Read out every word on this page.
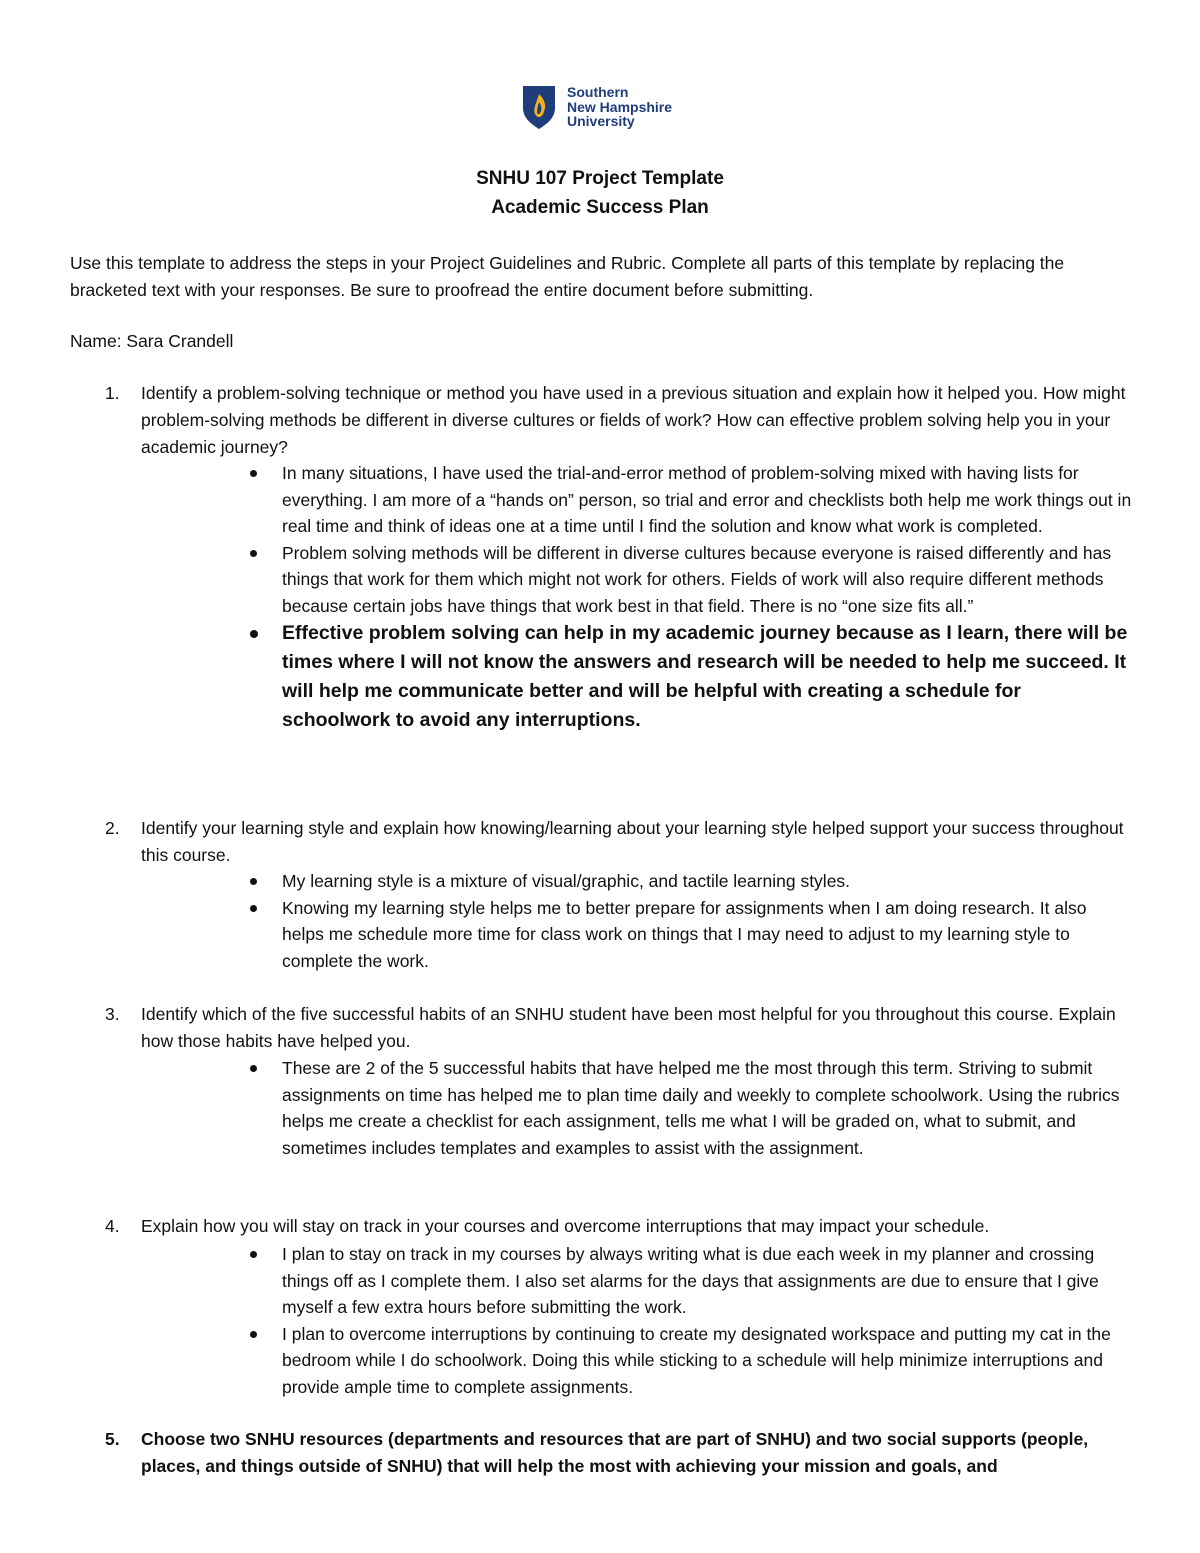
Southern
New Hampshire
University
SNHU 107 Project Template
Academic Success Plan
Use this template to address the steps in your Project Guidelines and Rubric. Complete all parts of this template by replacing the bracketed text with your responses. Be sure to proofread the entire document before submitting.
Name: Sara Crandell
1. Identify a problem-solving technique or method you have used in a previous situation and explain how it helped you. How might problem-solving methods be different in diverse cultures or fields of work? How can effective problem solving help you in your academic journey?
In many situations, I have used the trial-and-error method of problem-solving mixed with having lists for everything. I am more of a “hands on” person, so trial and error and checklists both help me work things out in real time and think of ideas one at a time until I find the solution and know what work is completed.
Problem solving methods will be different in diverse cultures because everyone is raised differently and has things that work for them which might not work for others. Fields of work will also require different methods because certain jobs have things that work best in that field. There is no “one size fits all.”
Effective problem solving can help in my academic journey because as I learn, there will be times where I will not know the answers and research will be needed to help me succeed. It will help me communicate better and will be helpful with creating a schedule for schoolwork to avoid any interruptions.
2. Identify your learning style and explain how knowing/learning about your learning style helped support your success throughout this course.
My learning style is a mixture of visual/graphic, and tactile learning styles.
Knowing my learning style helps me to better prepare for assignments when I am doing research. It also helps me schedule more time for class work on things that I may need to adjust to my learning style to complete the work.
3. Identify which of the five successful habits of an SNHU student have been most helpful for you throughout this course. Explain how those habits have helped you.
These are 2 of the 5 successful habits that have helped me the most through this term. Striving to submit assignments on time has helped me to plan time daily and weekly to complete schoolwork. Using the rubrics helps me create a checklist for each assignment, tells me what I will be graded on, what to submit, and sometimes includes templates and examples to assist with the assignment.
4. Explain how you will stay on track in your courses and overcome interruptions that may impact your schedule.
I plan to stay on track in my courses by always writing what is due each week in my planner and crossing things off as I complete them. I also set alarms for the days that assignments are due to ensure that I give myself a few extra hours before submitting the work.
I plan to overcome interruptions by continuing to create my designated workspace and putting my cat in the bedroom while I do schoolwork. Doing this while sticking to a schedule will help minimize interruptions and provide ample time to complete assignments.
5. Choose two SNHU resources (departments and resources that are part of SNHU) and two social supports (people, places, and things outside of SNHU) that will help the most with achieving your mission and goals, and
